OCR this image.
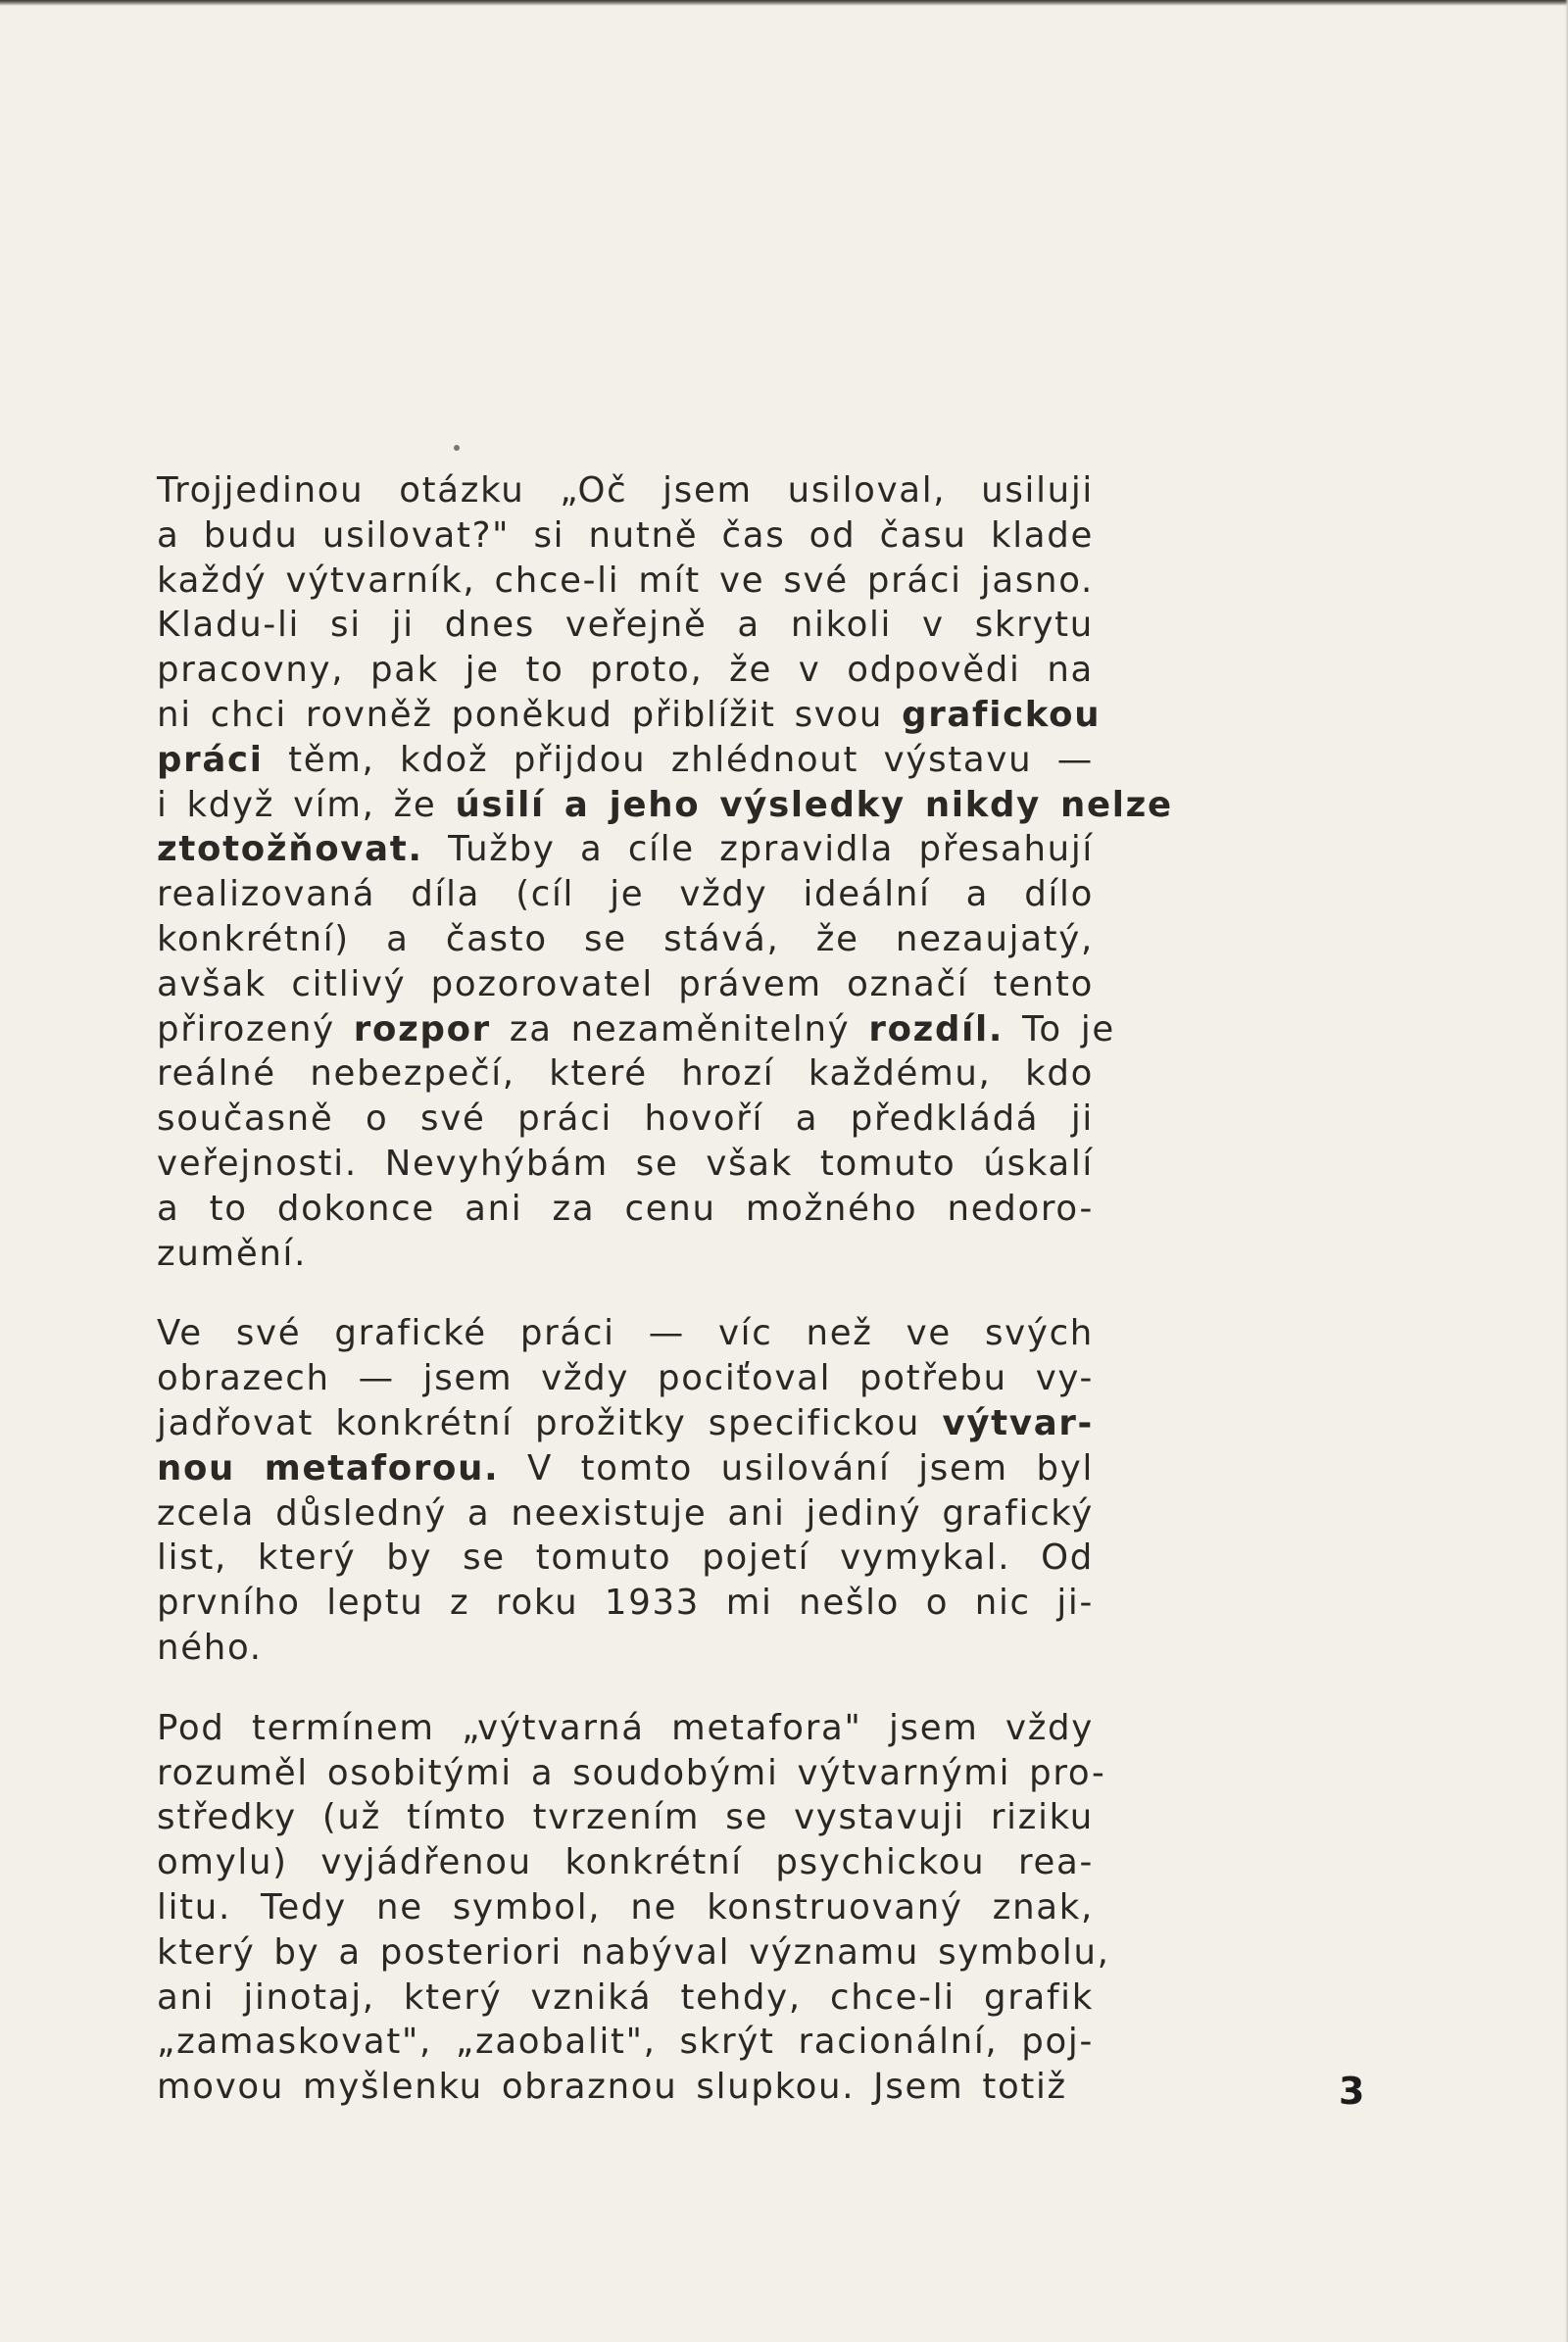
Trojjedinou otázku „Oč jsem usiloval, usiluji
a budu usilovat?" si nutně čas od času klade
každý výtvarník, chce-li mít ve své práci jasno.
Kladu-li si ji dnes veřejně a nikoli v skrytu
pracovny, pak je to proto, že v odpovědi na
ni chci rovněž poněkud přiblížit svou grafickou
práci těm, kdož přijdou zhlédnout výstavu —
i když vím, že úsilí a jeho výsledky nikdy nelze
ztotožňovat. Tužby a cíle zpravidla přesahují
realizovaná díla (cíl je vždy ideální a dílo
konkrétní) a často se stává, že nezaujatý,
avšak citlivý pozorovatel právem označí tento
přirozený rozpor za nezaměnitelný rozdíl. To je
reálné nebezpečí, které hrozí každému, kdo
současně o své práci hovoří a předkládá ji
veřejnosti. Nevyhýbám se však tomuto úskalí
a to dokonce ani za cenu možného nedoro-
zumění.

Ve své grafické práci — víc než ve svých
obrazech — jsem vždy pociťoval potřebu vy-
jadřovat konkrétní prožitky specifickou výtvar-
nou metaforou. V tomto usilování jsem byl
zcela důsledný a neexistuje ani jediný grafický
list, který by se tomuto pojetí vymykal. Od
prvního leptu z roku 1933 mi nešlo o nic ji-
ného.

Pod termínem „výtvarná metafora" jsem vždy
rozuměl osobitými a soudobými výtvarnými pro-
středky (už tímto tvrzením se vystavuji riziku
omylu) vyjádřenou konkrétní psychickou rea-
litu. Tedy ne symbol, ne konstruovaný znak,
který by a posteriori nabýval významu symbolu,
ani jinotaj, který vzniká tehdy, chce-li grafik
„zamaskovat", „zaobalit", skrýt racionální, poj-
movou myšlenku obraznou slupkou. Jsem totiž	3
